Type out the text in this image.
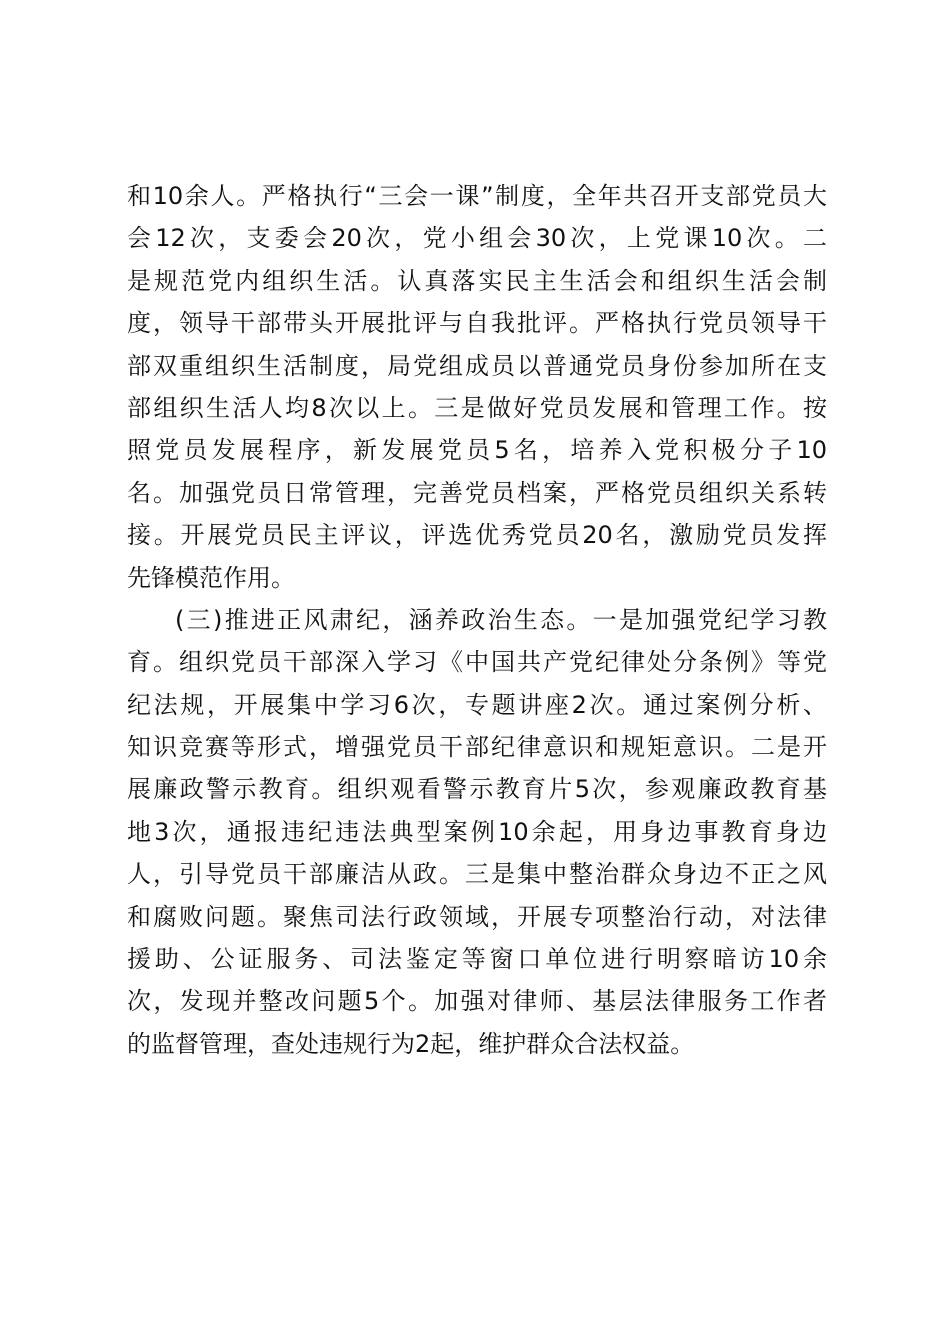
和10余人。严格执行“三会一课”制度，全年共召开支部党员大
会12次，支委会20次，党小组会30次，上党课10次。二
是规范党内组织生活。认真落实民主生活会和组织生活会制
度，领导干部带头开展批评与自我批评。严格执行党员领导干
部双重组织生活制度，局党组成员以普通党员身份参加所在支
部组织生活人均8次以上。三是做好党员发展和管理工作。按
照党员发展程序，新发展党员5名，培养入党积极分子10
名。加强党员日常管理，完善党员档案，严格党员组织关系转
接。开展党员民主评议，评选优秀党员20名，激励党员发挥
先锋模范作用。
(三)推进正风肃纪，涵养政治生态。一是加强党纪学习教
育。组织党员干部深入学习《中国共产党纪律处分条例》等党
纪法规，开展集中学习6次，专题讲座2次。通过案例分析、
知识竞赛等形式，增强党员干部纪律意识和规矩意识。二是开
展廉政警示教育。组织观看警示教育片5次，参观廉政教育基
地3次，通报违纪违法典型案例10余起，用身边事教育身边
人，引导党员干部廉洁从政。三是集中整治群众身边不正之风
和腐败问题。聚焦司法行政领域，开展专项整治行动，对法律
援助、公证服务、司法鉴定等窗口单位进行明察暗访10余
次，发现并整改问题5个。加强对律师、基层法律服务工作者
的监督管理，查处违规行为2起，维护群众合法权益。
